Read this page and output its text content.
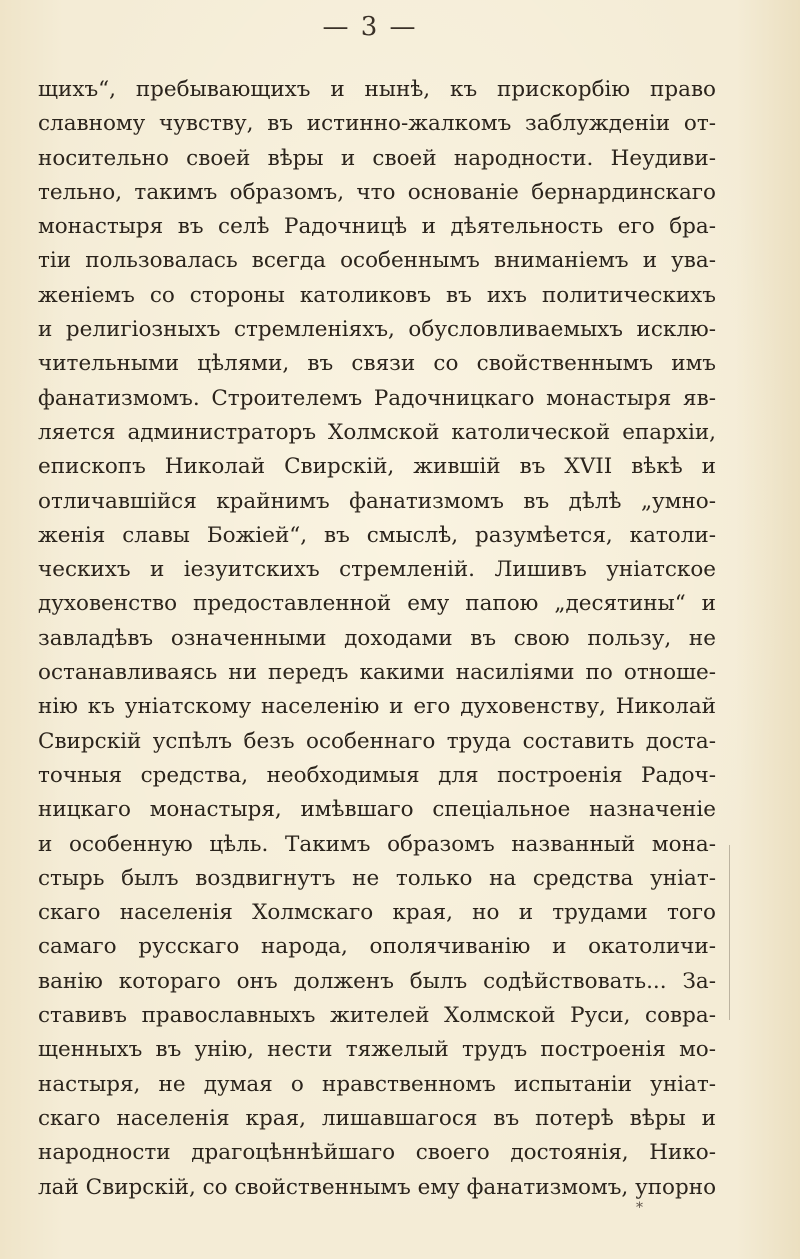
— 3 —
щихъ“, пребывающихъ и нынѣ, къ прискорбію право
славному чувству, въ истинно-жалкомъ заблужденіи от-
носительно своей вѣры и своей народности. Неудиви-
тельно, такимъ образомъ, что основаніе бернардинскаго
монастыря въ селѣ Радочницѣ и дѣятельность его бра-
тіи пользовалась всегда особеннымъ вниманіемъ и ува-
женіемъ со стороны католиковъ въ ихъ политическихъ
и религіозныхъ стремленіяхъ, обусловливаемыхъ исклю-
чительными цѣлями, въ связи со свойственнымъ имъ
фанатизмомъ. Строителемъ Радочницкаго монастыря яв-
ляется администраторъ Холмской католической епархіи,
епископъ Николай Свирскій, жившій въ XVII вѣкѣ и
отличавшійся крайнимъ фанатизмомъ въ дѣлѣ „умно-
женія славы Божіей“, въ смыслѣ, разумѣется, католи-
ческихъ и іезуитскихъ стремленій. Лишивъ уніатское
духовенство предоставленной ему папою „десятины“ и
завладѣвъ означенными доходами въ свою пользу, не
останавливаясь ни передъ какими насиліями по отноше-
нію къ уніатскому населенію и его духовенству, Николай
Свирскій успѣлъ безъ особеннаго труда составить доста-
точныя средства, необходимыя для построенія Радоч-
ницкаго монастыря, имѣвшаго спеціальное назначеніе
и особенную цѣль. Такимъ образомъ названный мона-
стырь былъ воздвигнутъ не только на средства уніат-
скаго населенія Холмскаго края, но и трудами того
самаго русскаго народа, ополячиванію и окатоличи-
ванію котораго онъ долженъ былъ содѣйствовать... За-
ставивъ православныхъ жителей Холмской Руси, совра-
щенныхъ въ унію, нести тяжелый трудъ построенія мо-
настыря, не думая о нравственномъ испытаніи уніат-
скаго населенія края, лишавшагося въ потерѣ вѣры и
народности драгоцѣннѣйшаго своего достоянія, Нико-
лай Свирскій, со свойственнымъ ему фанатизмомъ, упорно
*
